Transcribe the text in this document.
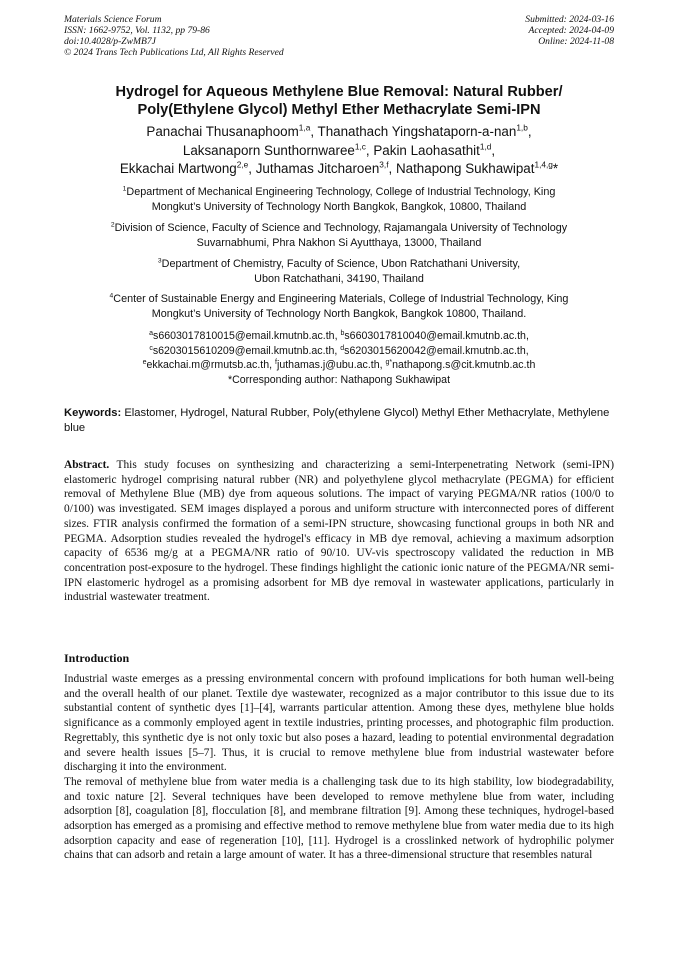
Materials Science Forum
ISSN: 1662-9752, Vol. 1132, pp 79-86
doi:10.4028/p-ZwMB7J
© 2024 Trans Tech Publications Ltd, All Rights Reserved
Submitted: 2024-03-16
Accepted: 2024-04-09
Online: 2024-11-08
Hydrogel for Aqueous Methylene Blue Removal: Natural Rubber/
Poly(Ethylene Glycol) Methyl Ether Methacrylate Semi-IPN
Panachai Thusanaphoom$^{1,a}$, Thanathach Yingshataporn-a-nan$^{1,b}$,
Laksanaporn Sunthornwaree$^{1,c}$, Pakin Laohasathit$^{1,d}$,
Ekkachai Martwong$^{2,e}$, Juthamas Jitcharoen$^{3,f}$, Nathapong Sukhawipat$^{1,4,g}$*
$^1$Department of Mechanical Engineering Technology, College of Industrial Technology, King
Mongkut’s University of Technology North Bangkok, Bangkok, 10800, Thailand
$^2$Division of Science, Faculty of Science and Technology, Rajamangala University of Technology
Suvarnabhumi, Phra Nakhon Si Ayutthaya, 13000, Thailand
$^3$Department of Chemistry, Faculty of Science, Ubon Ratchathani University,
Ubon Ratchathani, 34190, Thailand
$^4$Center of Sustainable Energy and Engineering Materials, College of Industrial Technology, King
Mongkut’s University of Technology North Bangkok, Bangkok 10800, Thailand.
$^a$s6603017810015@email.kmutnb.ac.th, $^b$s6603017810040@email.kmutnb.ac.th,
$^c$s6203015610209@email.kmutnb.ac.th, $^d$s6203015620042@email.kmutnb.ac.th,
$^e$ekkachai.m@rmutsb.ac.th, $^f$juthamas.j@ubu.ac.th, $^{g*}$nathapong.s@cit.kmutnb.ac.th
*Corresponding author: Nathapong Sukhawipat
Keywords: Elastomer, Hydrogel, Natural Rubber, Poly(ethylene Glycol) Methyl Ether Methacrylate, Methylene blue
Abstract. This study focuses on synthesizing and characterizing a semi-Interpenetrating Network (semi-IPN) elastomeric hydrogel comprising natural rubber (NR) and polyethylene glycol methacrylate (PEGMA) for efficient removal of Methylene Blue (MB) dye from aqueous solutions. The impact of varying PEGMA/NR ratios (100/0 to 0/100) was investigated. SEM images displayed a porous and uniform structure with interconnected pores of different sizes. FTIR analysis confirmed the formation of a semi-IPN structure, showcasing functional groups in both NR and PEGMA. Adsorption studies revealed the hydrogel's efficacy in MB dye removal, achieving a maximum adsorption capacity of 6536 mg/g at a PEGMA/NR ratio of 90/10. UV-vis spectroscopy validated the reduction in MB concentration post-exposure to the hydrogel. These findings highlight the cationic ionic nature of the PEGMA/NR semi-IPN elastomeric hydrogel as a promising adsorbent for MB dye removal in wastewater applications, particularly in industrial wastewater treatment.
Introduction

Industrial waste emerges as a pressing environmental concern with profound implications for both human well-being and the overall health of our planet. Textile dye wastewater, recognized as a major contributor to this issue due to its substantial content of synthetic dyes [1]–[4], warrants particular attention. Among these dyes, methylene blue holds significance as a commonly employed agent in textile industries, printing processes, and photographic film production. Regrettably, this synthetic dye is not only toxic but also poses a hazard, leading to potential environmental degradation and severe health issues [5–7]. Thus, it is crucial to remove methylene blue from industrial wastewater before discharging it into the environment.

The removal of methylene blue from water media is a challenging task due to its high stability, low biodegradability, and toxic nature [2]. Several techniques have been developed to remove methylene blue from water, including adsorption [8], coagulation [8], flocculation [8], and membrane filtration [9]. Among these techniques, hydrogel-based adsorption has emerged as a promising and effective method to remove methylene blue from water media due to its high adsorption capacity and ease of regeneration [10], [11]. Hydrogel is a crosslinked network of hydrophilic polymer chains that can adsorb and retain a large amount of water. It has a three-dimensional structure that resembles natural
